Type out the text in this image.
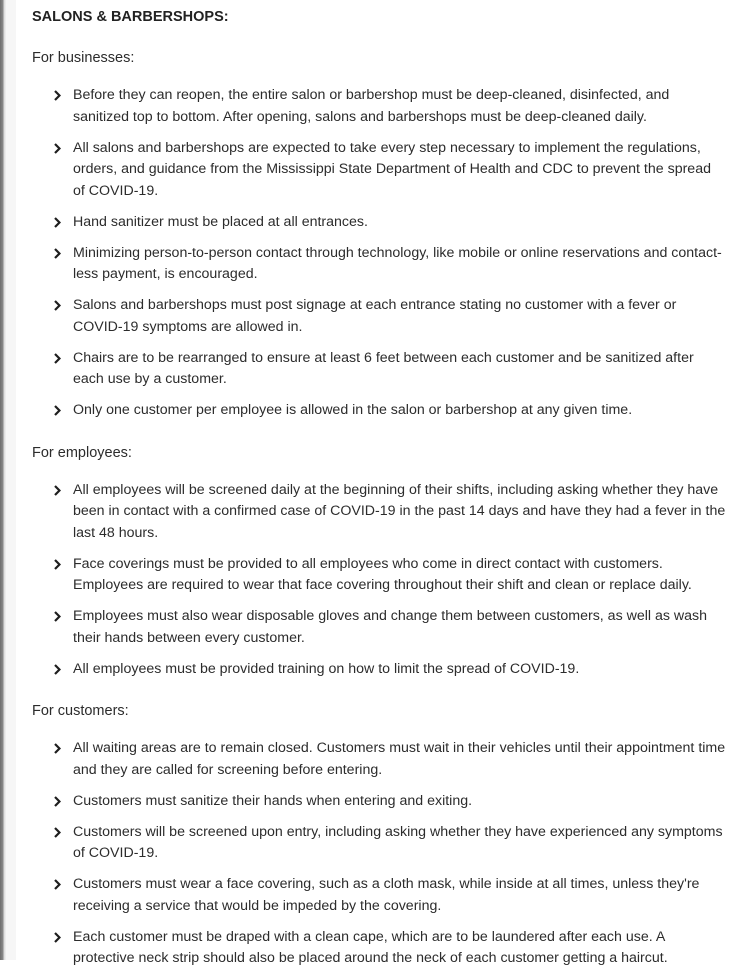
SALONS & BARBERSHOPS:
For businesses:
Before they can reopen, the entire salon or barbershop must be deep-cleaned, disinfected, and sanitized top to bottom. After opening, salons and barbershops must be deep-cleaned daily.
All salons and barbershops are expected to take every step necessary to implement the regulations, orders, and guidance from the Mississippi State Department of Health and CDC to prevent the spread of COVID-19.
Hand sanitizer must be placed at all entrances.
Minimizing person-to-person contact through technology, like mobile or online reservations and contact-less payment, is encouraged.
Salons and barbershops must post signage at each entrance stating no customer with a fever or COVID-19 symptoms are allowed in.
Chairs are to be rearranged to ensure at least 6 feet between each customer and be sanitized after each use by a customer.
Only one customer per employee is allowed in the salon or barbershop at any given time.
For employees:
All employees will be screened daily at the beginning of their shifts, including asking whether they have been in contact with a confirmed case of COVID-19 in the past 14 days and have they had a fever in the last 48 hours.
Face coverings must be provided to all employees who come in direct contact with customers. Employees are required to wear that face covering throughout their shift and clean or replace daily.
Employees must also wear disposable gloves and change them between customers, as well as wash their hands between every customer.
All employees must be provided training on how to limit the spread of COVID-19.
For customers:
All waiting areas are to remain closed. Customers must wait in their vehicles until their appointment time and they are called for screening before entering.
Customers must sanitize their hands when entering and exiting.
Customers will be screened upon entry, including asking whether they have experienced any symptoms of COVID-19.
Customers must wear a face covering, such as a cloth mask, while inside at all times, unless they're receiving a service that would be impeded by the covering.
Each customer must be draped with a clean cape, which are to be laundered after each use. A protective neck strip should also be placed around the neck of each customer getting a haircut.
